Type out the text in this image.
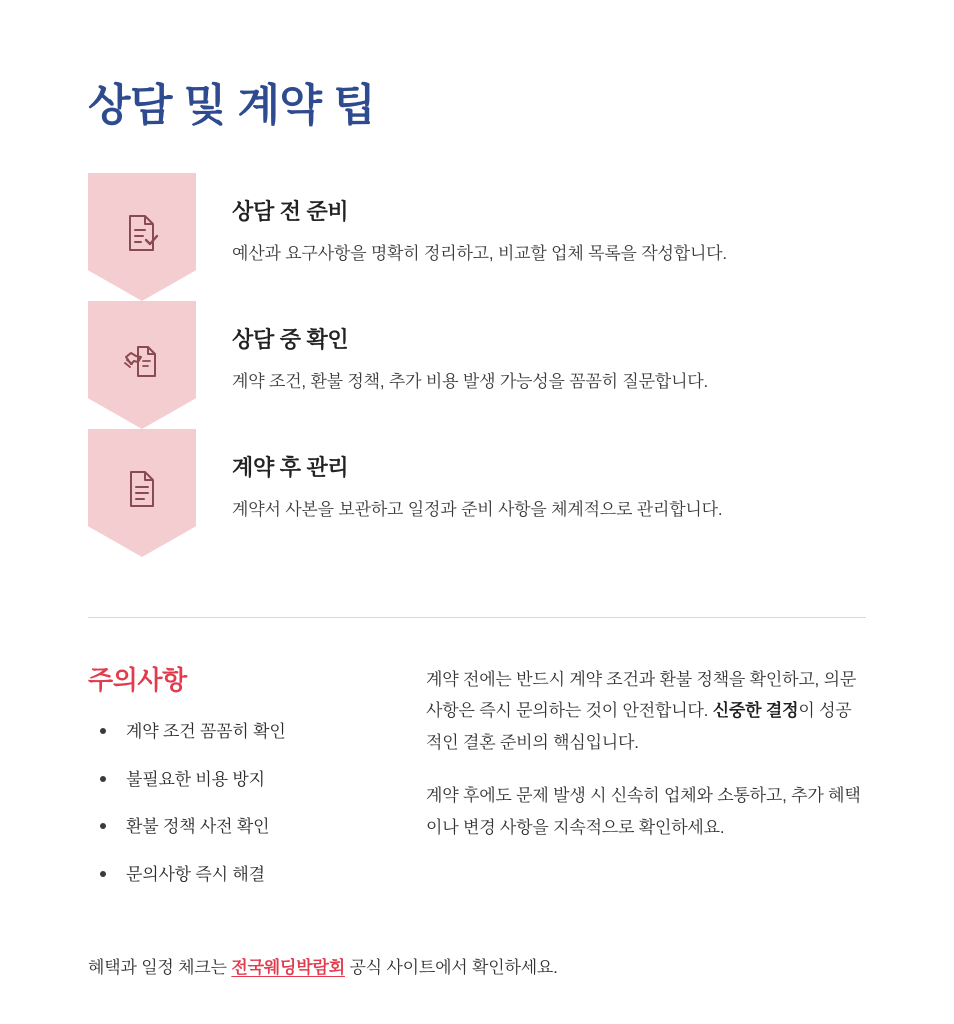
상담 및 계약 팁
상담 전 준비

예산과 요구사항을 명확히 정리하고, 비교할 업체 목록을 작성합니다.

상담 중 확인

계약 조건, 환불 정책, 추가 비용 발생 가능성을 꼼꼼히 질문합니다.

계약 후 관리

계약서 사본을 보관하고 일정과 준비 사항을 체계적으로 관리합니다.

주의사항
계약 조건 꼼꼼히 확인
불필요한 비용 방지
환불 정책 사전 확인
문의사항 즉시 해결

계약 전에는 반드시 계약 조건과 환불 정책을 확인하고, 의문 사항은 즉시 문의하는 것이 안전합니다. 신중한 결정이 성공적인 결혼 준비의 핵심입니다.

계약 후에도 문제 발생 시 신속히 업체와 소통하고, 추가 혜택이나 변경 사항을 지속적으로 확인하세요.

혜택과 일정 체크는 전국웨딩박람회 공식 사이트에서 확인하세요.
